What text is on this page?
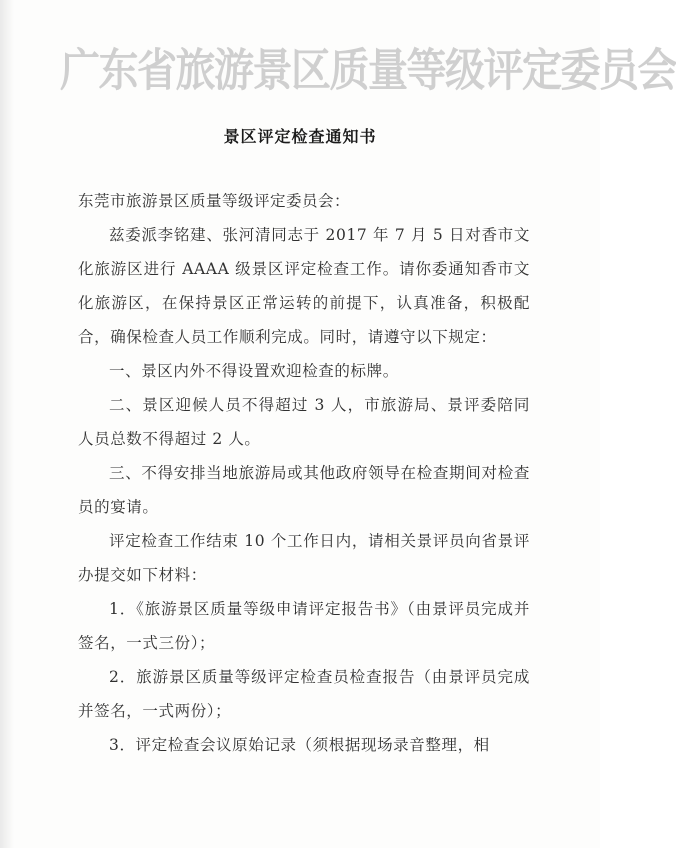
广东省旅游景区质量等级评定委员会
景区评定检查通知书

东莞市旅游景区质量等级评定委员会：

兹委派李铭建、张河清同志于 2017 年 7 月 5 日对香市文化旅游区进行 AAAA 级景区评定检查工作。请你委通知香市文化旅游区，在保持景区正常运转的前提下，认真准备，积极配合，确保检查人员工作顺利完成。同时，请遵守以下规定：

一、景区内外不得设置欢迎检查的标牌。

二、景区迎候人员不得超过 3 人，市旅游局、景评委陪同人员总数不得超过 2 人。

三、不得安排当地旅游局或其他政府领导在检查期间对检查员的宴请。

评定检查工作结束 10 个工作日内，请相关景评员向省景评办提交如下材料：

1．《旅游景区质量等级申请评定报告书》（由景评员完成并签名，一式三份）；

2．旅游景区质量等级评定检查员检查报告（由景评员完成并签名，一式两份）；

3．评定检查会议原始记录（须根据现场录音整理，相
